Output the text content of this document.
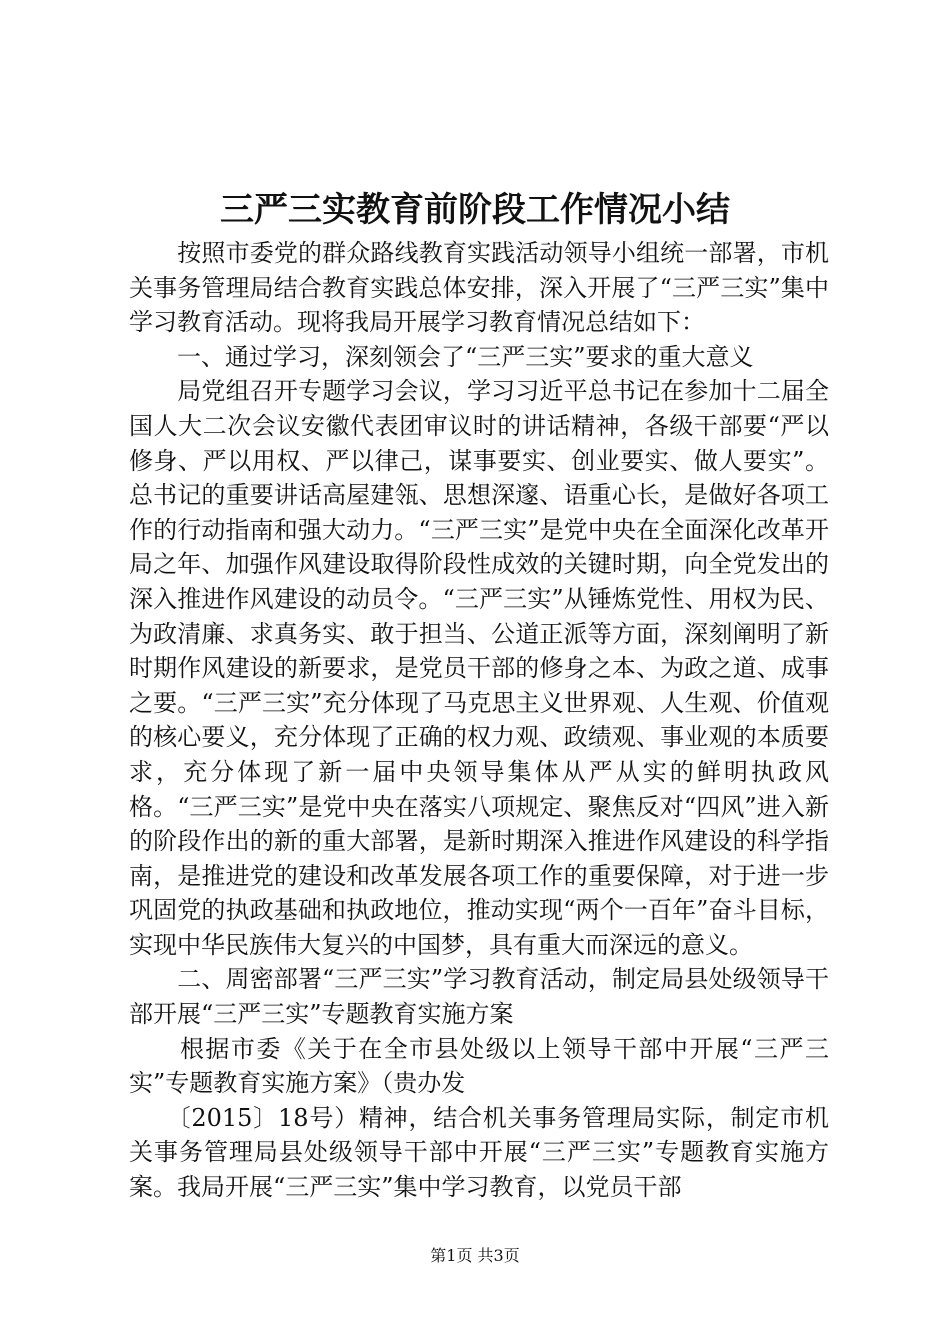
三严三实教育前阶段工作情况小结

　　按照市委党的群众路线教育实践活动领导小组统一部署，市机关事务管理局结合教育实践总体安排，深入开展了“三严三实”集中学习教育活动。现将我局开展学习教育情况总结如下：

　　一、通过学习，深刻领会了“三严三实”要求的重大意义

　　局党组召开专题学习会议，学习习近平总书记在参加十二届全国人大二次会议安徽代表团审议时的讲话精神，各级干部要“严以修身、严以用权、严以律己，谋事要实、创业要实、做人要实”。总书记的重要讲话高屋建瓴、思想深邃、语重心长，是做好各项工作的行动指南和强大动力。“三严三实”是党中央在全面深化改革开局之年、加强作风建设取得阶段性成效的关键时期，向全党发出的深入推进作风建设的动员令。“三严三实”从锤炼党性、用权为民、为政清廉、求真务实、敢于担当、公道正派等方面，深刻阐明了新时期作风建设的新要求，是党员干部的修身之本、为政之道、成事之要。“三严三实”充分体现了马克思主义世界观、人生观、价值观的核心要义，充分体现了正确的权力观、政绩观、事业观的本质要求，充分体现了新一届中央领导集体从严从实的鲜明执政风格。“三严三实”是党中央在落实八项规定、聚焦反对“四风”进入新的阶段作出的新的重大部署，是新时期深入推进作风建设的科学指南，是推进党的建设和改革发展各项工作的重要保障，对于进一步巩固党的执政基础和执政地位，推动实现“两个一百年”奋斗目标，实现中华民族伟大复兴的中国梦，具有重大而深远的意义。

　　二、周密部署“三严三实”学习教育活动，制定局县处级领导干部开展“三严三实”专题教育实施方案

　　根据市委《关于在全市县处级以上领导干部中开展“三严三实”专题教育实施方案》（贵办发

　　〔2015〕18号）精神，结合机关事务管理局实际，制定市机关事务管理局县处级领导干部中开展“三严三实”专题教育实施方案。我局开展“三严三实”集中学习教育，以党员干部

第1页 共3页
